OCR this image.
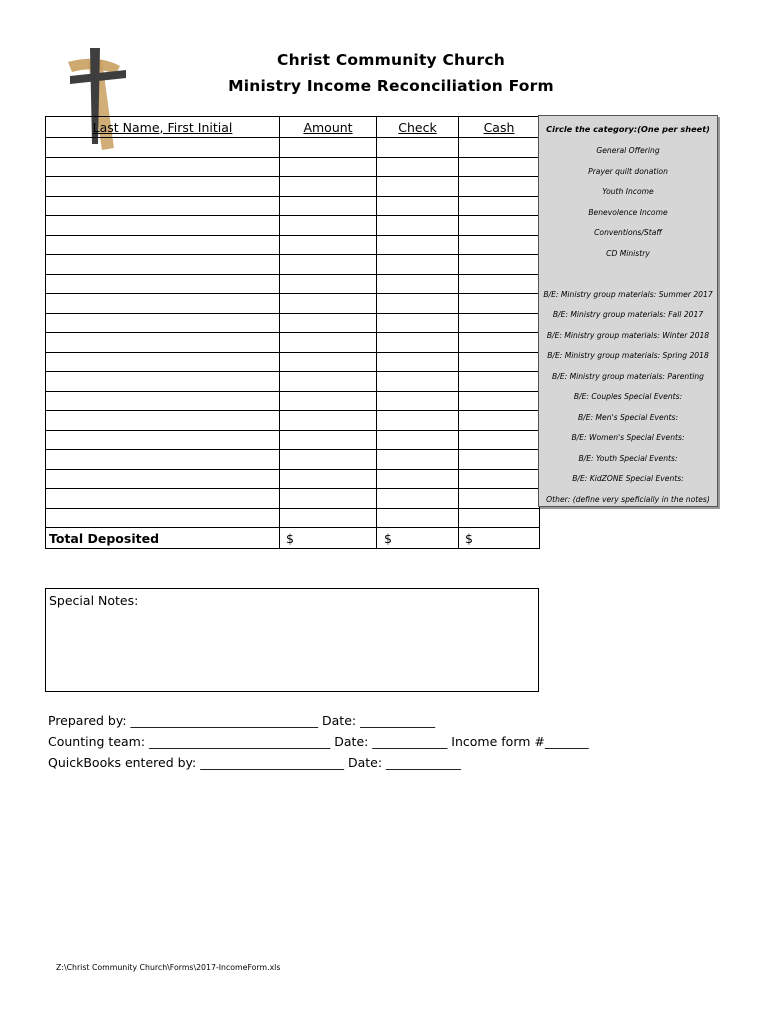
Christ Community Church
Ministry Income Reconciliation Form
Last Name, First Initial	Amount	Check	Cash

Total Deposited	$	$	$
Circle the category:(One per sheet)
General Offering
Prayer quilt donation
Youth Income
Benevolence Income
Conventions/Staff
CD Ministry
B/E: Ministry group materials: Summer 2017
B/E: Ministry group materials: Fall 2017
B/E: Ministry group materials: Winter 2018
B/E: Ministry group materials: Spring 2018
B/E: Ministry group materials: Parenting
B/E: Couples Special Events:
B/E: Men's Special Events:
B/E: Women's Special Events:
B/E: Youth Special Events:
B/E: KidZONE Special Events:
Other: (define very speficially in the notes)
Special Notes:
Prepared by: ______________________________ Date: ____________
Counting team: _____________________________ Date: ____________ Income form #_______
QuickBooks entered by: _______________________ Date: ____________
Z:\Christ Community Church\Forms\2017-IncomeForm.xls
